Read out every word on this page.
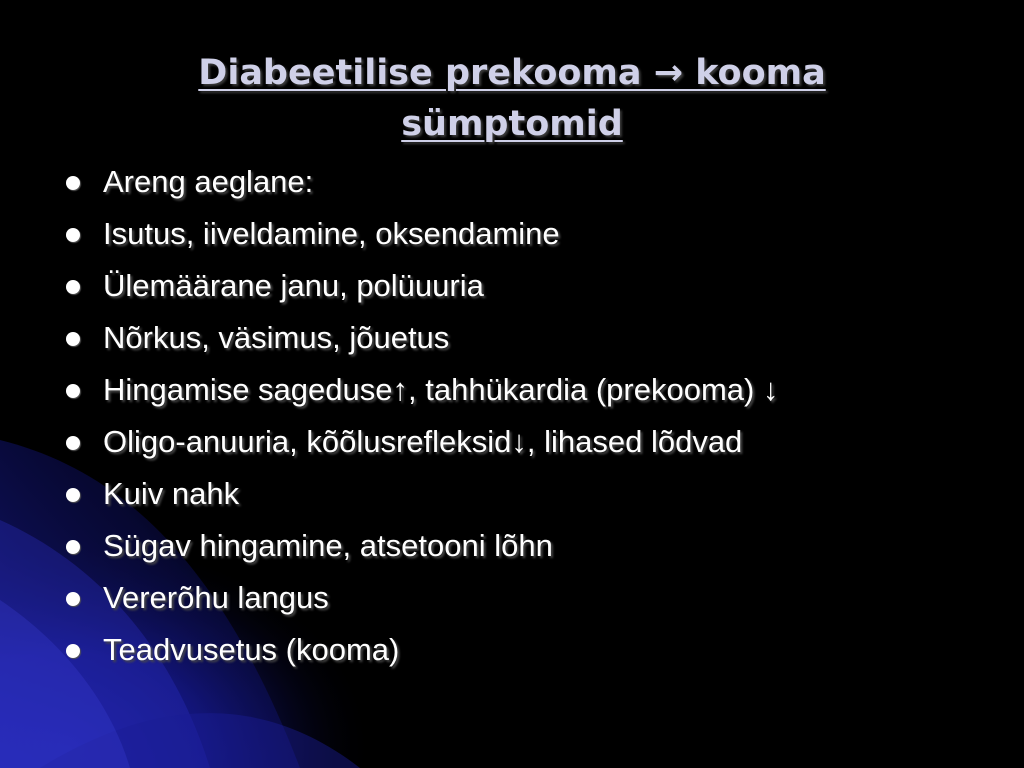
Diabeetilise prekooma → kooma
sümptomid
Areng aeglane:
Isutus, iiveldamine, oksendamine
Ülemäärane janu, polüuuria
Nõrkus, väsimus, jõuetus
Hingamise sageduse↑, tahhükardia (prekooma) ↓
Oligo-anuuria, kõõlusrefleksid↓, lihased lõdvad
Kuiv nahk
Sügav hingamine, atsetooni lõhn
Vererõhu langus
Teadvusetus (kooma)
